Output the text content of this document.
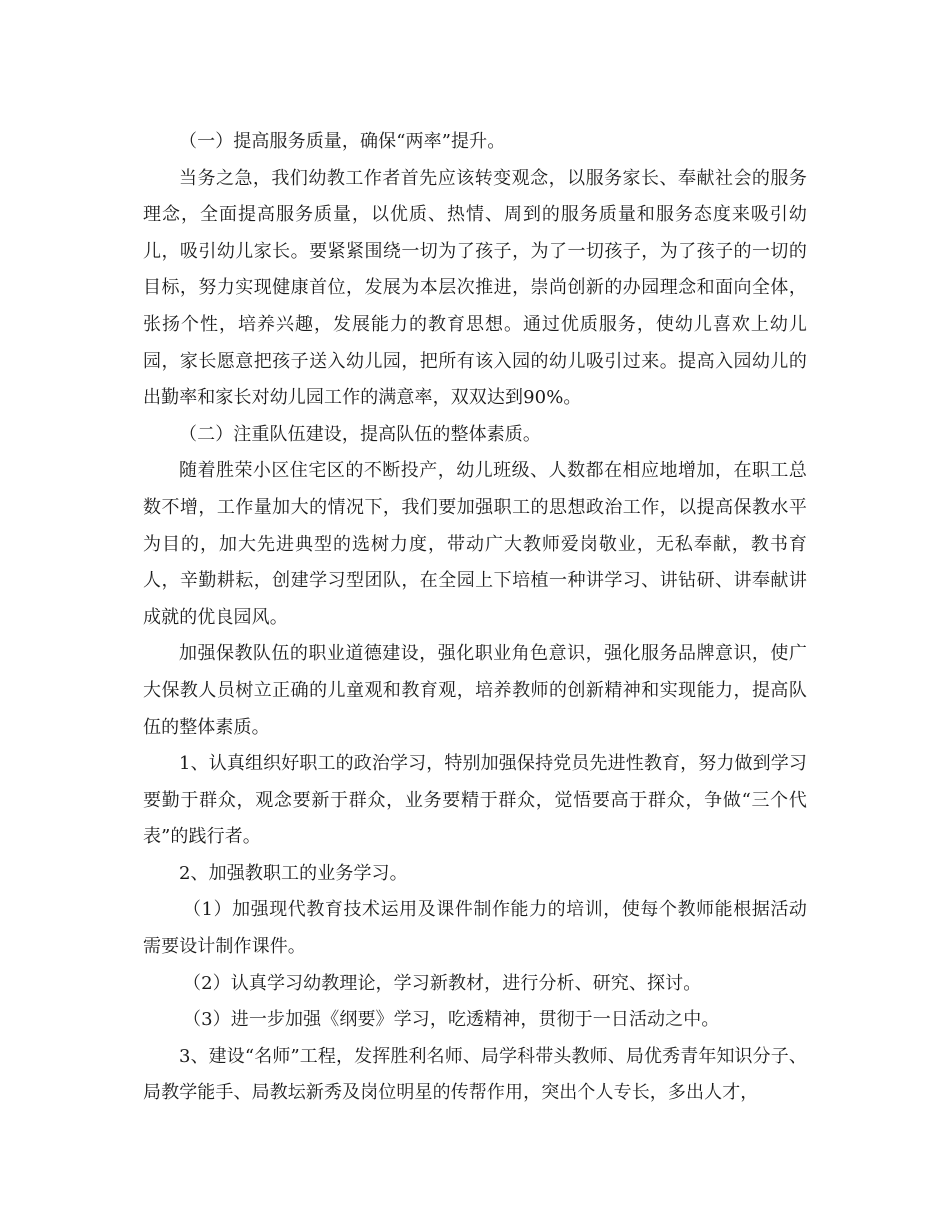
（一）提高服务质量，确保“两率”提升。

当务之急，我们幼教工作者首先应该转变观念，以服务家长、奉献社会的服务理念，全面提高服务质量，以优质、热情、周到的服务质量和服务态度来吸引幼儿，吸引幼儿家长。要紧紧围绕一切为了孩子，为了一切孩子，为了孩子的一切的目标，努力实现健康首位，发展为本层次推进，崇尚创新的办园理念和面向全体，张扬个性，培养兴趣，发展能力的教育思想。通过优质服务，使幼儿喜欢上幼儿园，家长愿意把孩子送入幼儿园，把所有该入园的幼儿吸引过来。提高入园幼儿的出勤率和家长对幼儿园工作的满意率，双双达到90%。

（二）注重队伍建设，提高队伍的整体素质。

随着胜荣小区住宅区的不断投产，幼儿班级、人数都在相应地增加，在职工总数不增，工作量加大的情况下，我们要加强职工的思想政治工作，以提高保教水平为目的，加大先进典型的选树力度，带动广大教师爱岗敬业，无私奉献，教书育人，辛勤耕耘，创建学习型团队，在全园上下培植一种讲学习、讲钻研、讲奉献讲成就的优良园风。

加强保教队伍的职业道德建设，强化职业角色意识，强化服务品牌意识，使广大保教人员树立正确的儿童观和教育观，培养教师的创新精神和实现能力，提高队伍的整体素质。

1、认真组织好职工的政治学习，特别加强保持党员先进性教育，努力做到学习要勤于群众，观念要新于群众，业务要精于群众，觉悟要高于群众，争做“三个代表”的践行者。

2、加强教职工的业务学习。

（1）加强现代教育技术运用及课件制作能力的培训，使每个教师能根据活动需要设计制作课件。

（2）认真学习幼教理论，学习新教材，进行分析、研究、探讨。

（3）进一步加强《纲要》学习，吃透精神，贯彻于一日活动之中。

3、建设“名师”工程，发挥胜利名师、局学科带头教师、局优秀青年知识分子、局教学能手、局教坛新秀及岗位明星的传帮作用，突出个人专长，多出人才，
